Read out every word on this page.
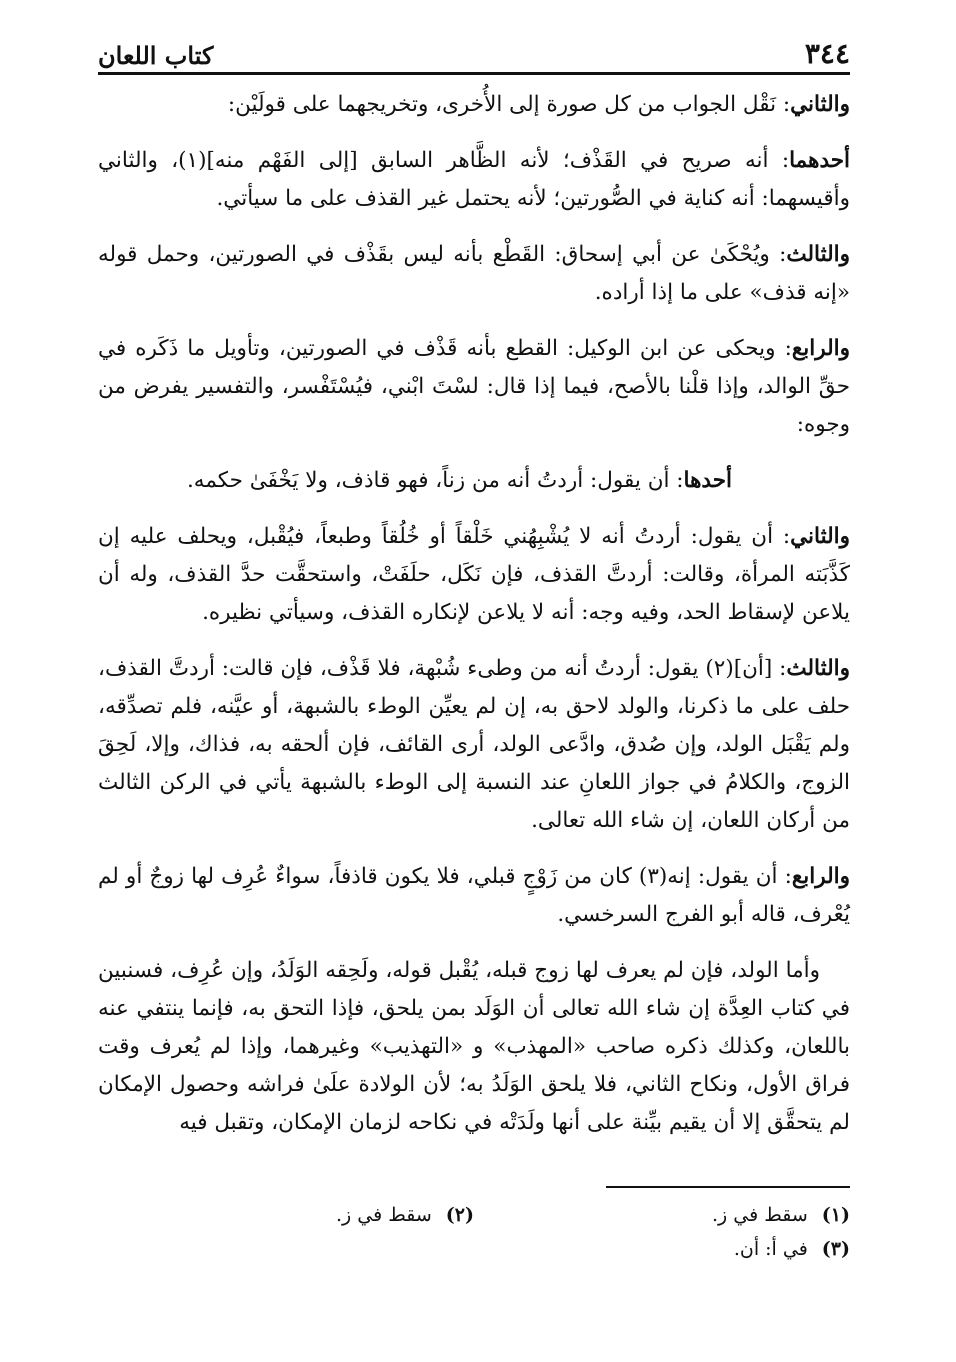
كتاب اللعان	٣٤٤

والثاني: نَقْل الجواب من كل صورة إلى الأُخرى، وتخريجهما على قولَيْن:

أحدهما: أنه صريح في القَذْف؛ لأنه الظَّاهر السابق [إلى الفَهْم منه](١)، والثاني وأقيسهما: أنه كناية في الصُّورتين؛ لأنه يحتمل غير القذف على ما سيأتي.

والثالث: ويُحْكَىٰ عن أبي إسحاق: القَطْع بأنه ليس بقَذْف في الصورتين، وحمل قوله «إنه قذف» على ما إذا أراده.

والرابع: ويحكى عن ابن الوكيل: القطع بأنه قَذْف في الصورتين، وتأويل ما ذَكَره في حقِّ الوالد، وإذا قلْنا بالأصح، فيما إذا قال: لسْتَ ابْني، فيُسْتَفْسر، والتفسير يفرض من وجوه:

أحدها: أن يقول: أردتُ أنه من زناً، فهو قاذف، ولا يَخْفَىٰ حكمه.

والثاني: أن يقول: أردتُ أنه لا يُشْبِهُني خَلْقاً أو خُلُقاً وطبعاً، فيُقْبل، ويحلف عليه إن كَذَّبَته المرأة، وقالت: أردتَّ القذف، فإن نَكَل، حلَفَتْ، واستحقَّت حدَّ القذف، وله أن يلاعن لإسقاط الحد، وفيه وجه: أنه لا يلاعن لإنكاره القذف، وسيأتي نظيره.

والثالث: [أن](٢) يقول: أردتُ أنه من وطىء شُبْهة، فلا قَذْف، فإن قالت: أردتَّ القذف، حلف على ما ذكرنا، والولد لاحق به، إن لم يعيِّن الوطء بالشبهة، أو عيَّنه، فلم تصدِّقه، ولم يَقْبَل الولد، وإن صُدق، وادَّعى الولد، أرى القائف، فإن ألحقه به، فذاك، وإلا، لَحِقَ الزوج، والكلامُ في جواز اللعانِ عند النسبة إلى الوطء بالشبهة يأتي في الركن الثالث من أركان اللعان، إن شاء الله تعالى.

والرابع: أن يقول: إنه(٣) كان من زَوْجٍ قبلي، فلا يكون قاذفاً، سواءٌ عُرِف لها زوجٌ أو لم يُعْرف، قاله أبو الفرج السرخسي.

وأما الولد، فإن لم يعرف لها زوج قبله، يُقْبل قوله، ولَحِقه الوَلَدُ، وإن عُرِف، فسنبين في كتاب العِدَّة إن شاء الله تعالى أن الوَلَد بمن يلحق، فإذا التحق به، فإنما ينتفي عنه باللعان، وكذلك ذكره صاحب «المهذب» و «التهذيب» وغيرهما، وإذا لم يُعرف وقت فراق الأول، ونكاح الثاني، فلا يلحق الوَلَدُ به؛ لأن الولادة علَىٰ فراشه وحصول الإمكان لم يتحقَّق إلا أن يقيم بيِّنة على أنها ولَدَتْه في نكاحه لزمان الإمكان، وتقبل فيه

(١)
سقط في ز.
(٢)
سقط في ز.
(٣)
في أ: أن.
